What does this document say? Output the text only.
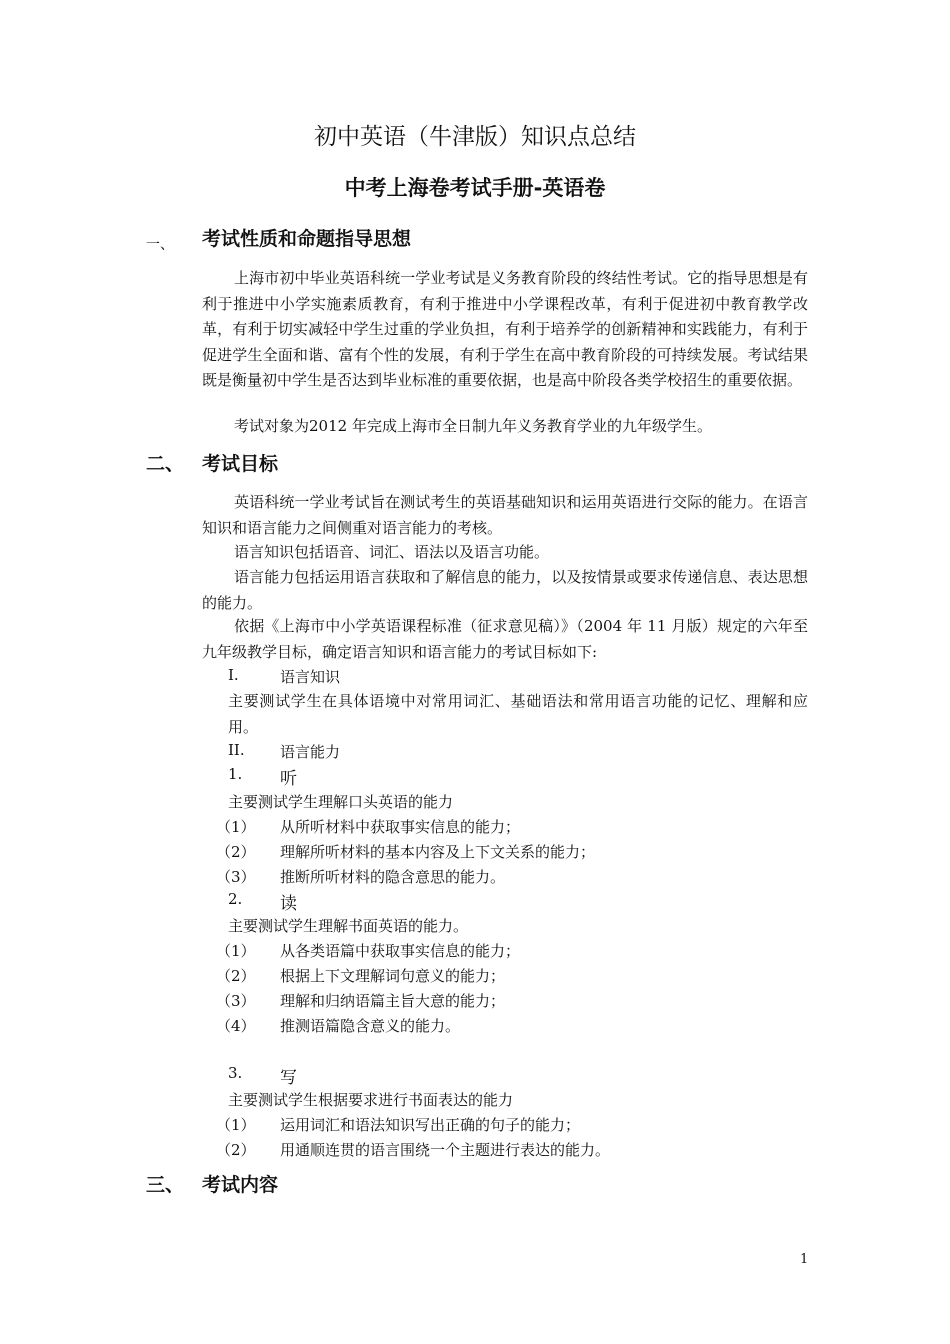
初中英语（牛津版）知识点总结
中考上海卷考试手册-英语卷
一、 考试性质和命题指导思想
上海市初中毕业英语科统一学业考试是义务教育阶段的终结性考试。它的指导思想是有利于推进中小学实施素质教育，有利于推进中小学课程改革，有利于促进初中教育教学改革，有利于切实减轻中学生过重的学业负担，有利于培养学的创新精神和实践能力，有利于促进学生全面和谐、富有个性的发展，有利于学生在高中教育阶段的可持续发展。考试结果既是衡量初中学生是否达到毕业标准的重要依据，也是高中阶段各类学校招生的重要依据。
考试对象为2012 年完成上海市全日制九年义务教育学业的九年级学生。
二、 考试目标
英语科统一学业考试旨在测试考生的英语基础知识和运用英语进行交际的能力。在语言知识和语言能力之间侧重对语言能力的考核。
语言知识包括语音、词汇、语法以及语言功能。
语言能力包括运用语言获取和了解信息的能力，以及按情景或要求传递信息、表达思想的能力。
依据《上海市中小学英语课程标准（征求意见稿）》（2004 年 11 月版）规定的六年至九年级教学目标，确定语言知识和语言能力的考试目标如下:
I.	语言知识
主要测试学生在具体语境中对常用词汇、基础语法和常用语言功能的记忆、理解和应用。
II. 语言能力
1. 听
主要测试学生理解口头英语的能力
（1） 从所听材料中获取事实信息的能力；
（2） 理解所听材料的基本内容及上下文关系的能力；
（3） 推断所听材料的隐含意思的能力。
2. 读
主要测试学生理解书面英语的能力。
（1） 从各类语篇中获取事实信息的能力；
（2） 根据上下文理解词句意义的能力；
（3） 理解和归纳语篇主旨大意的能力；
（4） 推测语篇隐含意义的能力。
3. 写
主要测试学生根据要求进行书面表达的能力
（1） 运用词汇和语法知识写出正确的句子的能力；
（2） 用通顺连贯的语言围绕一个主题进行表达的能力。
三、 考试内容
1
